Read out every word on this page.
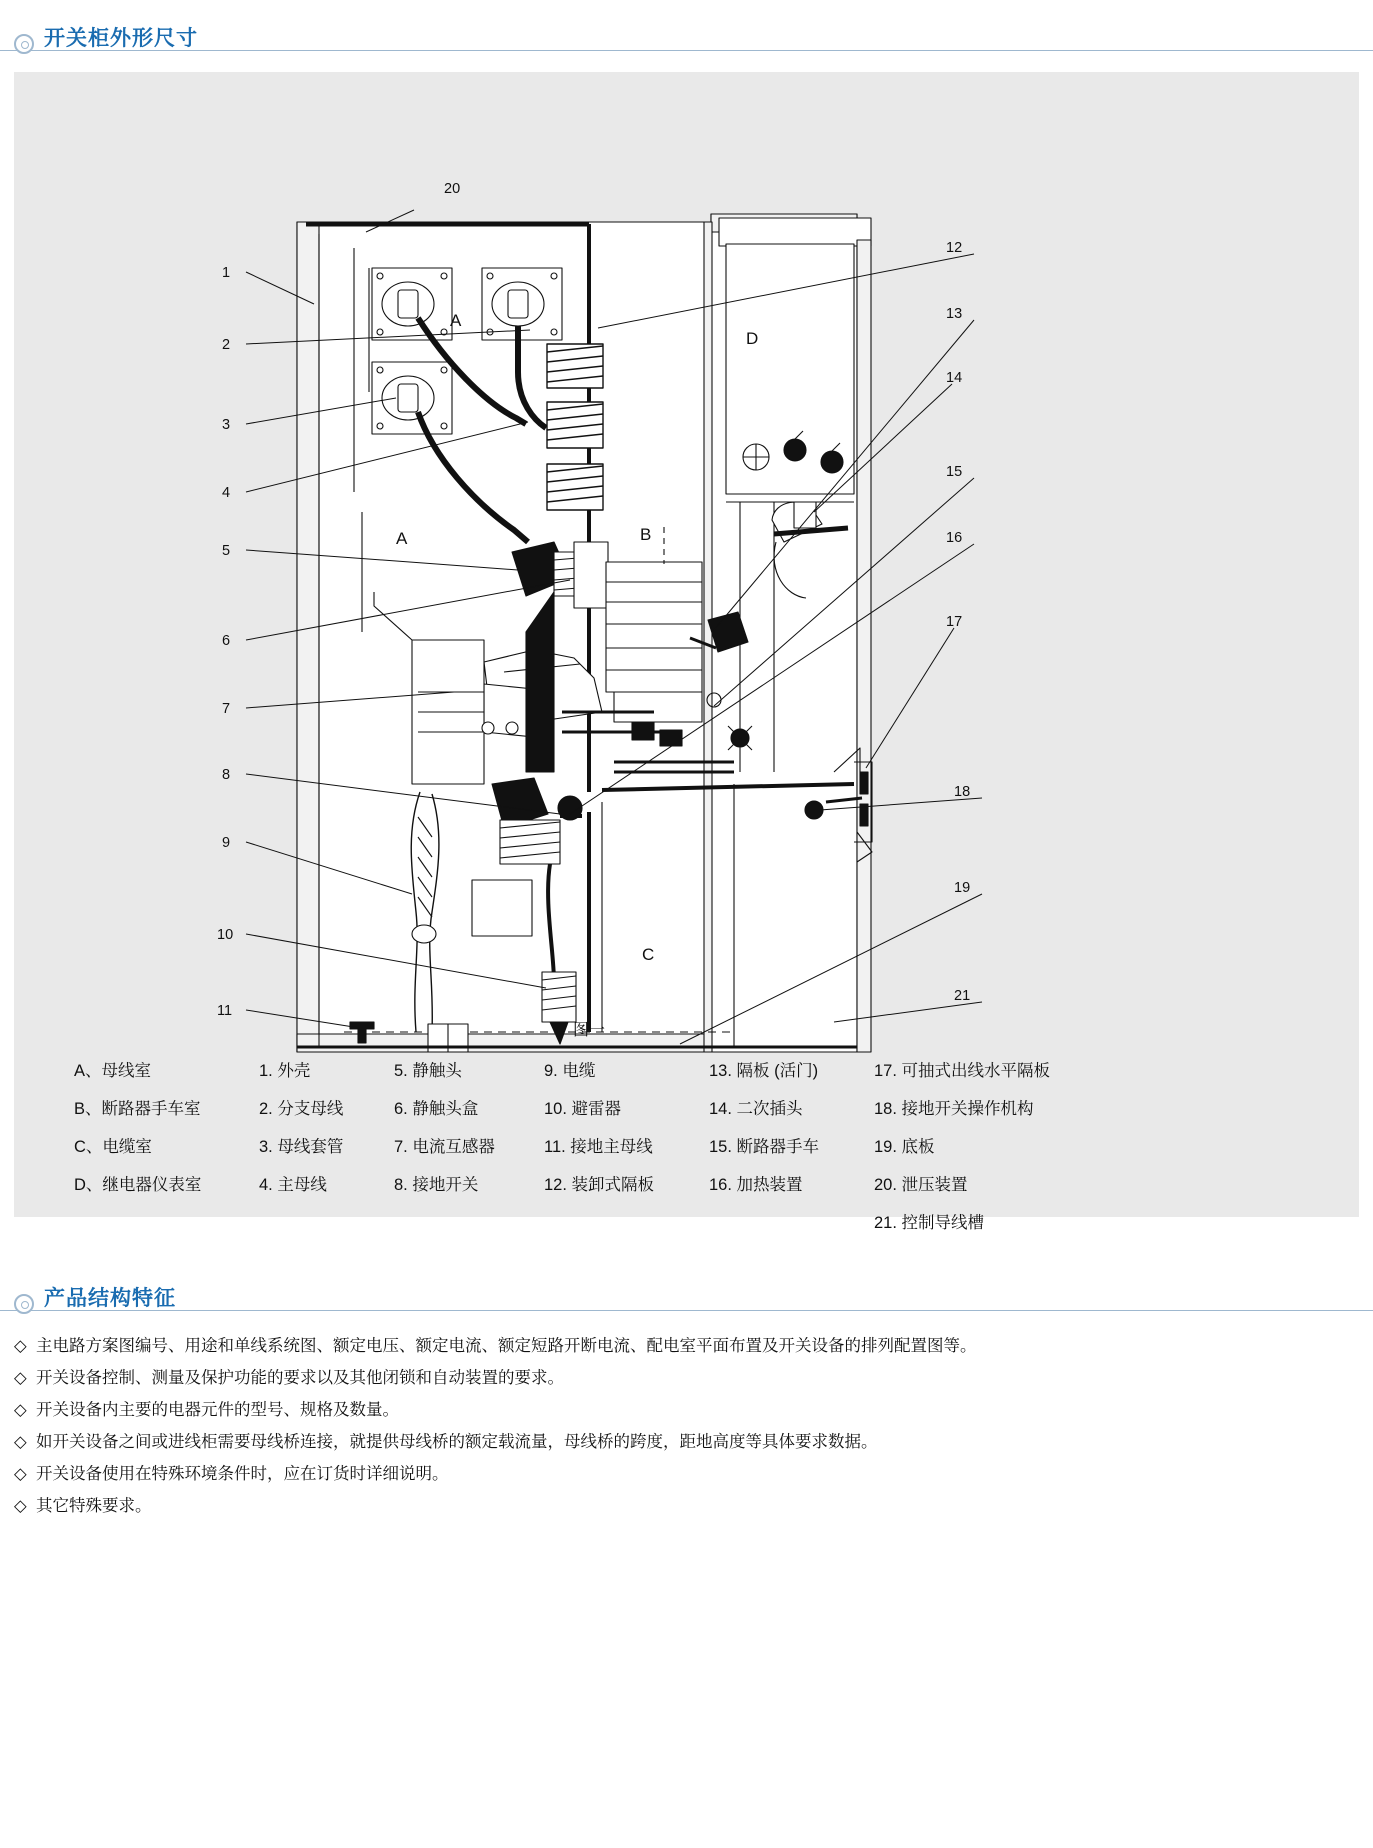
开关柜外形尺寸
1
2
3
4
5
6
7
8
9
10
11
20
12
13
14
15
16
17
18
19
21
A
A	B
C
D
图一
A、母线室	1. 外壳	5. 静触头	9. 电缆	13. 隔板 (活门)	17. 可抽式出线水平隔板
B、断路器手车室	2. 分支母线	6. 静触头盒	10. 避雷器	14. 二次插头	18. 接地开关操作机构
C、电缆室	3. 母线套管	7. 电流互感器	11. 接地主母线	15. 断路器手车	19. 底板
D、继电器仪表室	4. 主母线	8. 接地开关	12. 装卸式隔板	16. 加热装置	20. 泄压装置
21. 控制导线槽
产品结构特征
◇ 主电路方案图编号、用途和单线系统图、额定电压、额定电流、额定短路开断电流、配电室平面布置及开关设备的排列配置图等。
◇ 开关设备控制、测量及保护功能的要求以及其他闭锁和自动装置的要求。
◇ 开关设备内主要的电器元件的型号、规格及数量。
◇ 如开关设备之间或进线柜需要母线桥连接，就提供母线桥的额定载流量，母线桥的跨度，距地高度等具体要求数据。
◇ 开关设备使用在特殊环境条件时，应在订货时详细说明。
◇ 其它特殊要求。
